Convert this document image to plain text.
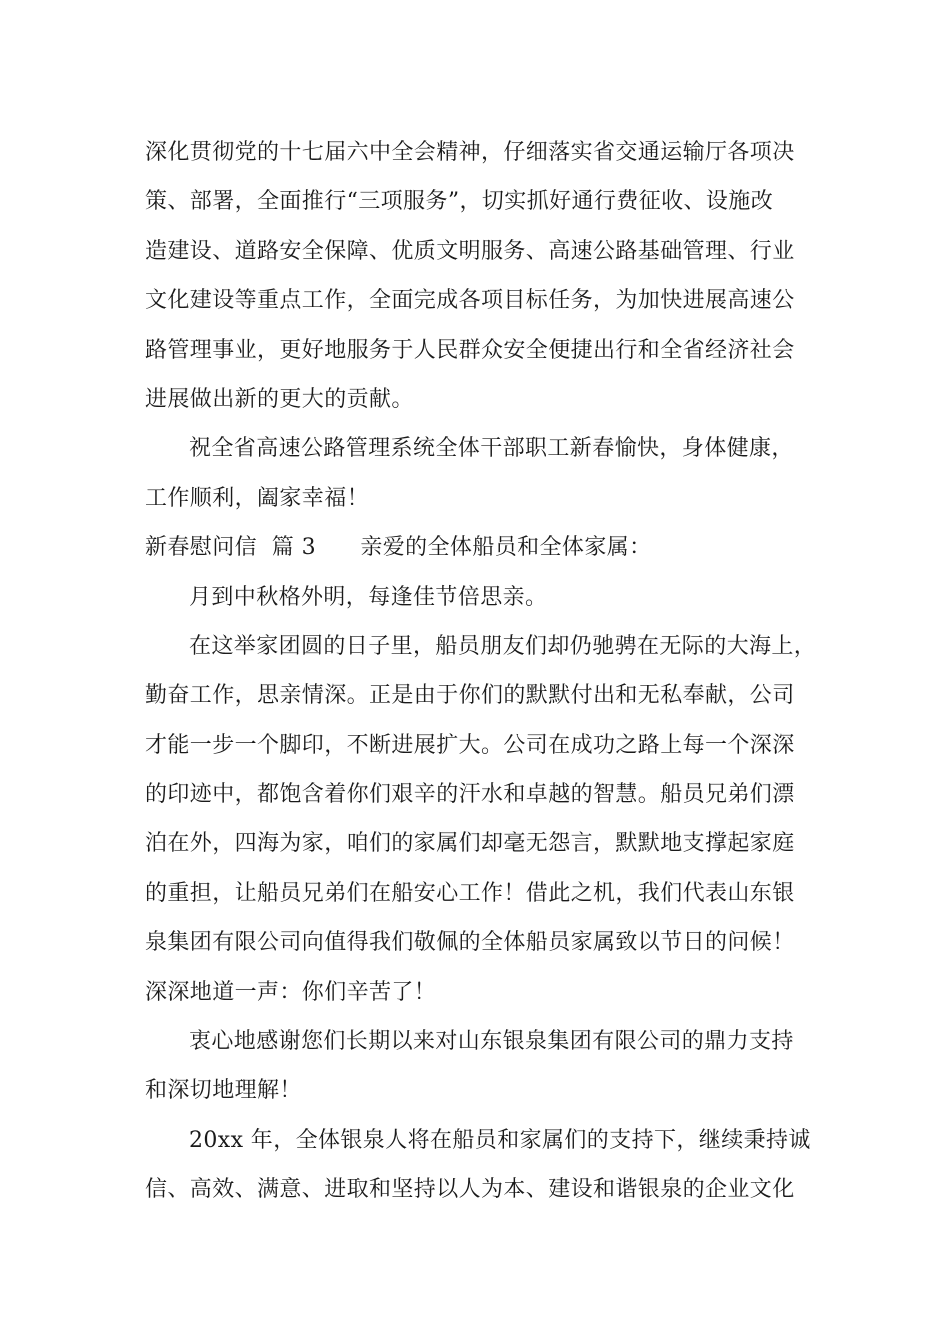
深化贯彻党的十七届六中全会精神，仔细落实省交通运输厅各项决
策、部署，全面推行“三项服务”，切实抓好通行费征收、设施改
造建设、道路安全保障、优质文明服务、高速公路基础管理、行业
文化建设等重点工作，全面完成各项目标任务，为加快进展高速公
路管理事业，更好地服务于人民群众安全便捷出行和全省经济社会
进展做出新的更大的贡献。
祝全省高速公路管理系统全体干部职工新春愉快，身体健康，
工作顺利，阖家幸福！
新春慰问信  篇 3      亲爱的全体船员和全体家属：
月到中秋格外明，每逢佳节倍思亲。
在这举家团圆的日子里，船员朋友们却仍驰骋在无际的大海上，
勤奋工作，思亲情深。正是由于你们的默默付出和无私奉献，公司
才能一步一个脚印，不断进展扩大。公司在成功之路上每一个深深
的印迹中，都饱含着你们艰辛的汗水和卓越的智慧。船员兄弟们漂
泊在外，四海为家，咱们的家属们却毫无怨言，默默地支撑起家庭
的重担，让船员兄弟们在船安心工作！借此之机，我们代表山东银
泉集团有限公司向值得我们敬佩的全体船员家属致以节日的问候！
深深地道一声：你们辛苦了！
衷心地感谢您们长期以来对山东银泉集团有限公司的鼎力支持
和深切地理解！
20xx 年，全体银泉人将在船员和家属们的支持下，继续秉持诚
信、高效、满意、进取和坚持以人为本、建设和谐银泉的企业文化
